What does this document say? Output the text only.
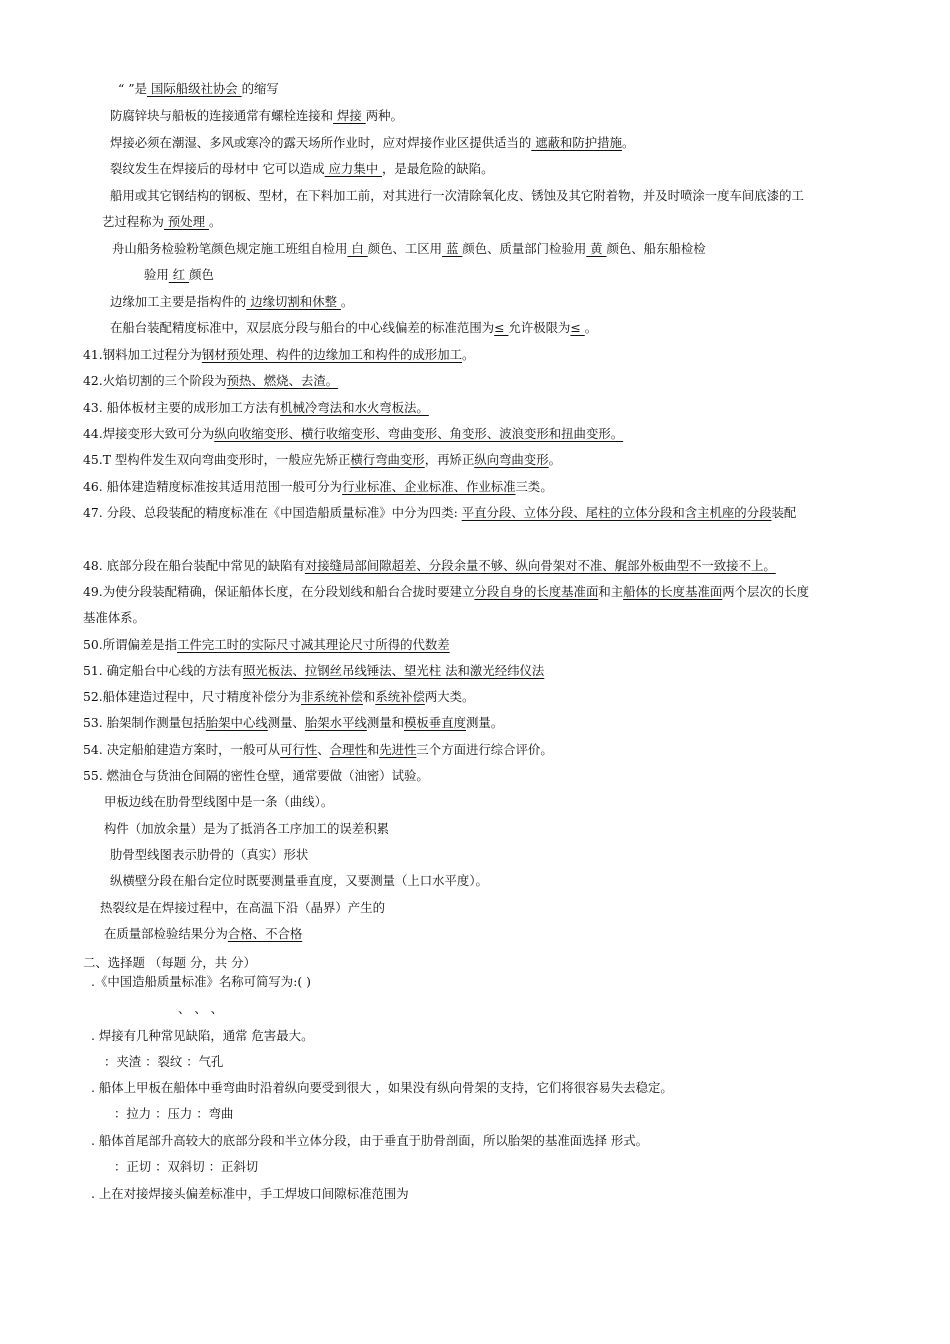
“ ”是 国际船级社协会 的缩写
防腐锌块与船板的连接通常有螺栓连接和 焊接 两种。
焊接必须在潮湿、多风或寒冷的露天场所作业时，应对焊接作业区提供适当的 遮蔽和防护措施。
裂纹发生在焊接后的母材中 它可以造成 应力集中 ，是最危险的缺陷。
船用或其它钢结构的钢板、型材，在下料加工前，对其进行一次清除氧化皮、锈蚀及其它附着物，并及时喷涂一度车间底漆的工
艺过程称为 预处理 。
舟山船务检验粉笔颜色规定施工班组自检用 白 颜色、工区用 蓝 颜色、质量部门检验用 黄 颜色、船东船检检
验用 红 颜色
边缘加工主要是指构件的 边缘切割和休整 。
在船台装配精度标准中，双层底分段与船台的中心线偏差的标准范围为≤ 允许极限为≤ 。
41.钢料加工过程分为钢材预处理、构件的边缘加工和构件的成形加工。
42.火焰切割的三个阶段为预热、燃烧、去渣。
43. 船体板材主要的成形加工方法有机械冷弯法和水火弯板法。
44.焊接变形大致可分为纵向收缩变形、横行收缩变形、弯曲变形、角变形、波浪变形和扭曲变形。
45.T 型构件发生双向弯曲变形时，一般应先矫正横行弯曲变形，再矫正纵向弯曲变形。
46. 船体建造精度标准按其适用范围一般可分为行业标准、企业标准、作业标准三类。
47. 分段、总段装配的精度标准在《中国造船质量标准》中分为四类: 平直分段、立体分段、尾柱的立体分段和含主机座的分段装配
48. 底部分段在船台装配中常见的缺陷有对接缝局部间隙超差、分段余量不够、纵向骨架对不准、艉部外板曲型不一致接不上。
49.为使分段装配精确，保证船体长度，在分段划线和船台合拢时要建立分段自身的长度基准面和主船体的长度基准面两个层次的长度
基准体系。
50.所谓偏差是指工件完工时的实际尺寸减其理论尺寸所得的代数差
51. 确定船台中心线的方法有照光板法、拉钢丝吊线锤法、望光柱 法和激光经纬仪法
52.船体建造过程中，尺寸精度补偿分为非系统补偿和系统补偿两大类。
53. 胎架制作测量包括胎架中心线测量、胎架水平线测量和模板垂直度测量。
54. 决定船舶建造方案时，一般可从可行性、合理性和先进性三个方面进行综合评价。
55. 燃油仓与货油仓间隔的密性仓壁，通常要做（油密）试验。
甲板边线在肋骨型线图中是一条（曲线）。
构件（加放余量）是为了抵消各工序加工的误差积累
肋骨型线图表示肋骨的（真实）形状
纵横壁分段在船台定位时既要测量垂直度，又要测量（上口水平度）。
热裂纹是在焊接过程中，在高温下沿（晶界）产生的
在质量部检验结果分为合格、不合格
二、选择题 （每题 分，共 分）
.《中国造船质量标准》名称可简写为:( )
、 、 、
. 焊接有几种常见缺陷，通常 危害最大。
：夹渣 ：裂纹 ：气孔
. 船体上甲板在船体中垂弯曲时沿着纵向要受到很大 ，如果没有纵向骨架的支持，它们将很容易失去稳定。
：拉力 ：压力 ：弯曲
. 船体首尾部升高较大的底部分段和半立体分段，由于垂直于肋骨剖面，所以胎架的基准面选择 形式。
：正切 ：双斜切 ：正斜切
. 上在对接焊接头偏差标准中，手工焊坡口间隙标准范围为
